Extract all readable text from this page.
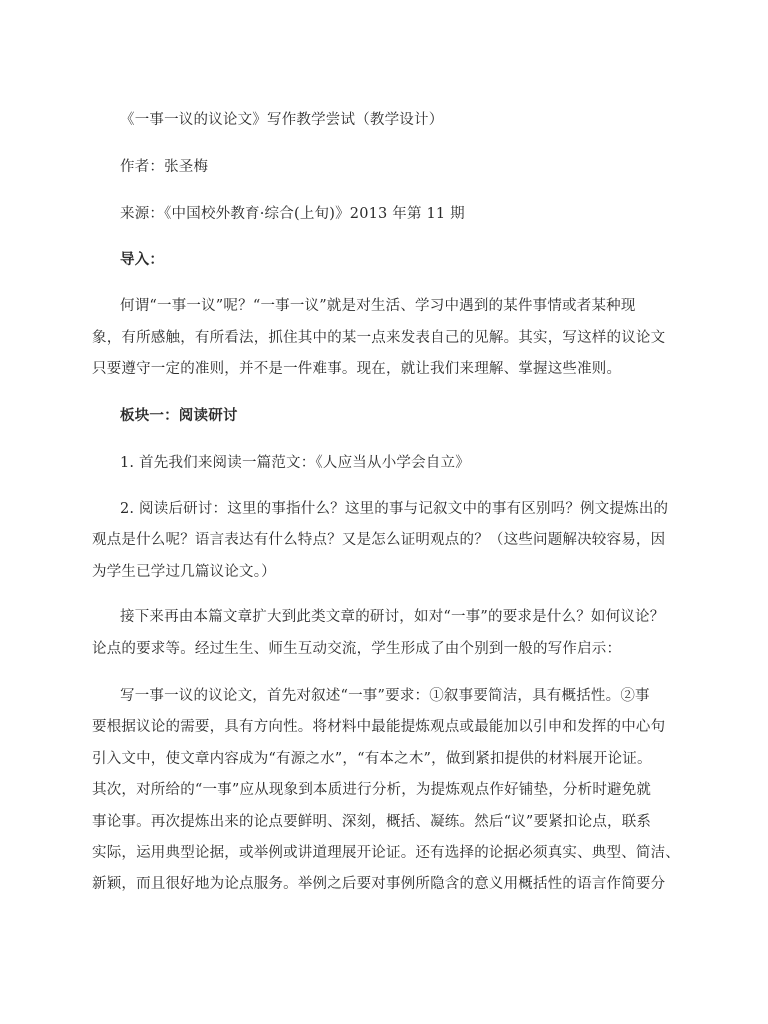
《一事一议的议论文》写作教学尝试（教学设计）
作者：张圣梅
来源：《中国校外教育·综合(上旬)》2013 年第 11 期
导入：
何谓“一事一议”呢？“一事一议”就是对生活、学习中遇到的某件事情或者某种现
象，有所感触，有所看法，抓住其中的某一点来发表自己的见解。其实，写这样的议论文
只要遵守一定的准则，并不是一件难事。现在，就让我们来理解、掌握这些准则。
板块一：阅读研讨
1. 首先我们来阅读一篇范文：《人应当从小学会自立》
2. 阅读后研讨：这里的事指什么？这里的事与记叙文中的事有区别吗？例文提炼出的
观点是什么呢？语言表达有什么特点？又是怎么证明观点的？（这些问题解决较容易，因
为学生已学过几篇议论文。）
接下来再由本篇文章扩大到此类文章的研讨，如对“一事”的要求是什么？如何议论？
论点的要求等。经过生生、师生互动交流，学生形成了由个别到一般的写作启示：
写一事一议的议论文，首先对叙述“一事”要求：①叙事要简洁，具有概括性。②事
要根据议论的需要，具有方向性。将材料中最能提炼观点或最能加以引申和发挥的中心句
引入文中，使文章内容成为“有源之水”，“有本之木”，做到紧扣提供的材料展开论证。
其次，对所给的“一事”应从现象到本质进行分析，为提炼观点作好铺垫，分析时避免就
事论事。再次提炼出来的论点要鲜明、深刻，概括、凝练。然后“议”要紧扣论点，联系
实际，运用典型论据，或举例或讲道理展开论证。还有选择的论据必须真实、典型、简洁、
新颖，而且很好地为论点服务。举例之后要对事例所隐含的意义用概括性的语言作简要分
